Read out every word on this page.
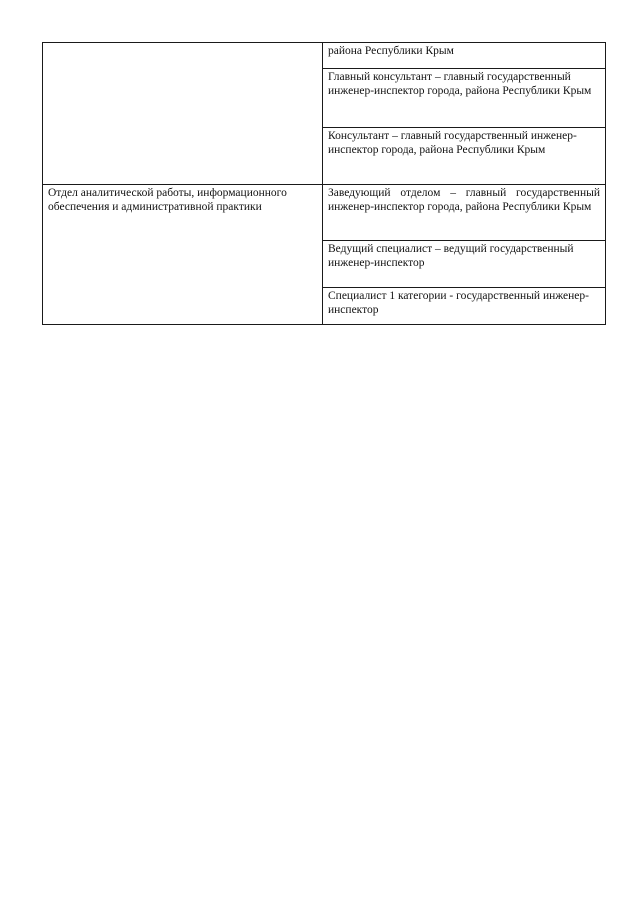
	района Республики Крым
	Главный консультант – главный государственный инженер-инспектор города, района Республики Крым
	Консультант – главный государственный инженер-инспектор города, района Республики Крым
Отдел аналитической работы, информационного обеспечения и административной практики	Заведующий отделом – главный государственный инженер-инспектор города, района Республики Крым
	Ведущий специалист – ведущий государственный инженер-инспектор
	Специалист 1 категории - государственный инженер-инспектор
